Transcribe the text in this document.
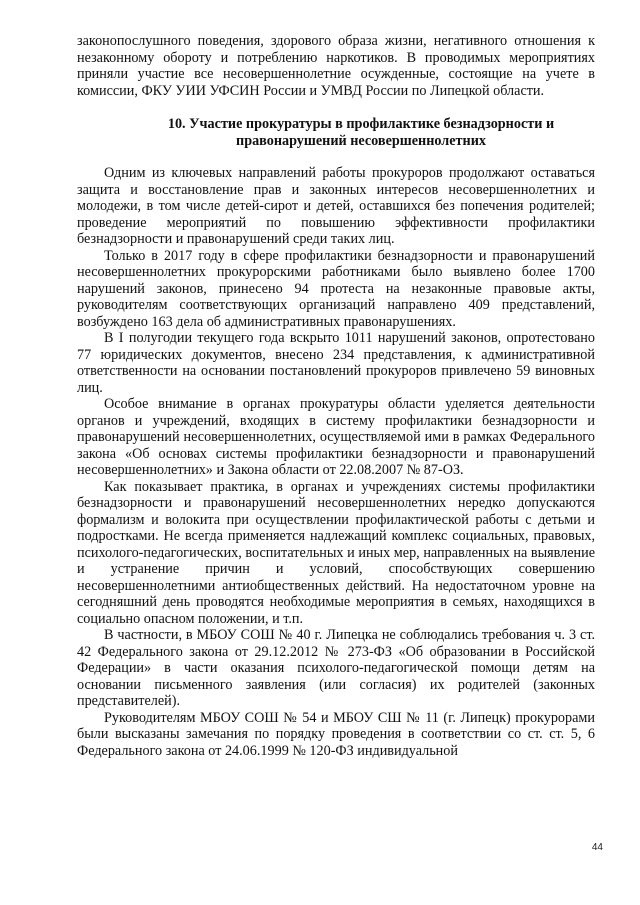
законопослушного поведения, здорового образа жизни, негативного отношения к незаконному обороту и потреблению наркотиков. В проводимых мероприятиях приняли участие все несовершеннолетние осужденные, состоящие на учете в комиссии, ФКУ УИИ УФСИН России и УМВД России по Липецкой области.

10. Участие прокуратуры в профилактике безнадзорности и правонарушений несовершеннолетних

Одним из ключевых направлений работы прокуроров продолжают оставаться защита и восстановление прав и законных интересов несовершеннолетних и молодежи, в том числе детей-сирот и детей, оставшихся без попечения родителей; проведение мероприятий по повышению эффективности профилактики безнадзорности и правонарушений среди таких лиц.

Только в 2017 году в сфере профилактики безнадзорности и правонарушений несовершеннолетних прокурорскими работниками было выявлено более 1700 нарушений законов, принесено 94 протеста на незаконные правовые акты, руководителям соответствующих организаций направлено 409 представлений, возбуждено 163 дела об административных правонарушениях.

В I полугодии текущего года вскрыто 1011 нарушений законов, опротестовано 77 юридических документов, внесено 234 представления, к административной ответственности на основании постановлений прокуроров привлечено 59 виновных лиц.

Особое внимание в органах прокуратуры области уделяется деятельности органов и учреждений, входящих в систему профилактики безнадзорности и правонарушений несовершеннолетних, осуществляемой ими в рамках Федерального закона «Об основах системы профилактики безнадзорности и правонарушений несовершеннолетних» и Закона области от 22.08.2007 № 87-ОЗ.

Как показывает практика, в органах и учреждениях системы профилактики безнадзорности и правонарушений несовершеннолетних нередко допускаются формализм и волокита при осуществлении профилактической работы с детьми и подростками. Не всегда применяется надлежащий комплекс социальных, правовых, психолого-педагогических, воспитательных и иных мер, направленных на выявление и устранение причин и условий, способствующих совершению несовершеннолетними антиобщественных действий. На недостаточном уровне на сегодняшний день проводятся необходимые мероприятия в семьях, находящихся в социально опасном положении, и т.п.

В частности, в МБОУ СОШ № 40 г. Липецка не соблюдались требования ч. 3 ст. 42 Федерального закона от 29.12.2012 № 273-ФЗ «Об образовании в Российской Федерации» в части оказания психолого-педагогической помощи детям на основании письменного заявления (или согласия) их родителей (законных представителей).

Руководителям МБОУ СОШ № 54 и МБОУ СШ № 11 (г. Липецк) прокурорами были высказаны замечания по порядку проведения в соответствии со ст. ст. 5, 6 Федерального закона от 24.06.1999 № 120-ФЗ индивидуальной

44
